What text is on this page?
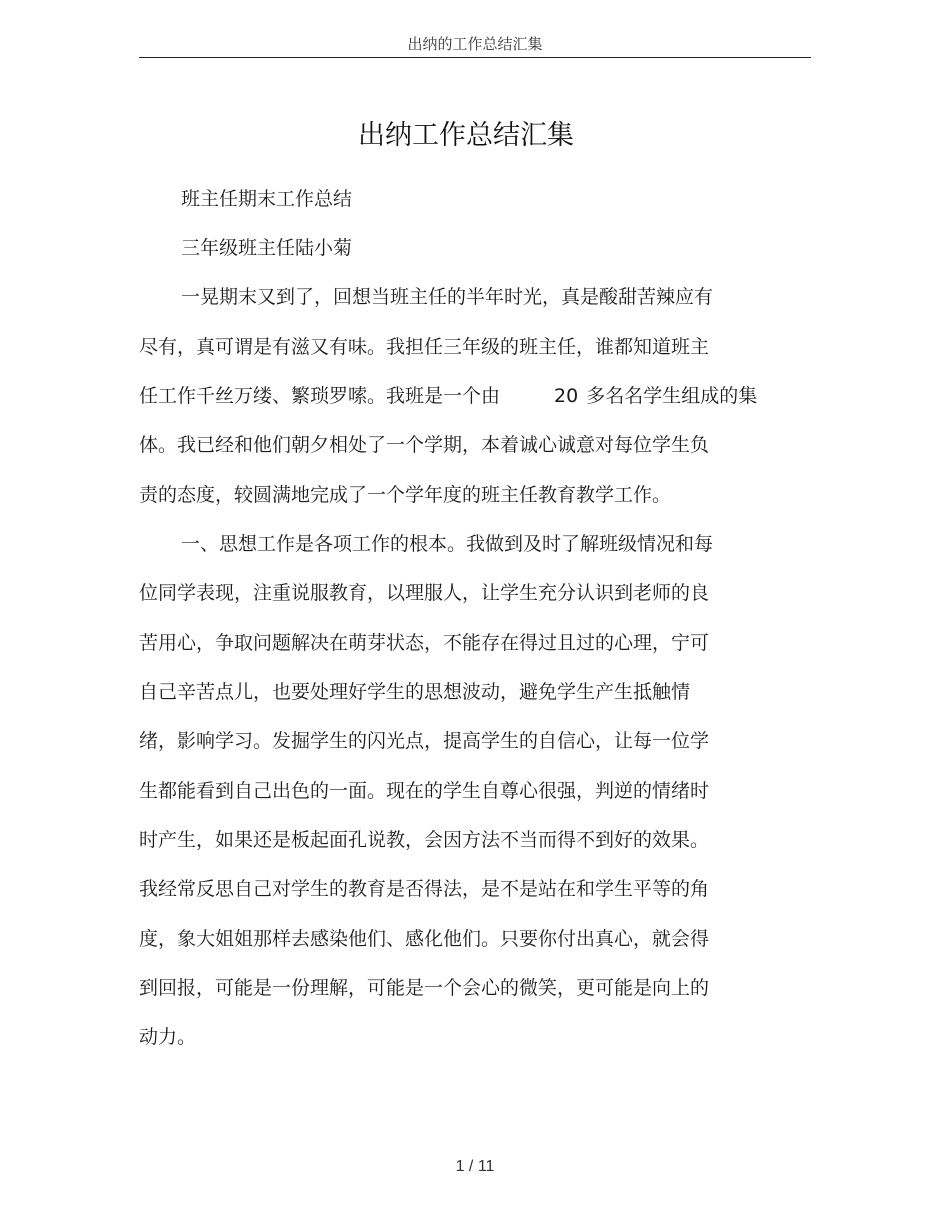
出纳的工作总结汇集
出纳工作总结汇集
班主任期末工作总结
三年级班主任陆小菊
一晃期末又到了，回想当班主任的半年时光，真是酸甜苦辣应有
尽有，真可谓是有滋又有味。我担任三年级的班主任，谁都知道班主
任工作千丝万缕、繁琐罗嗦。我班是一个由	20 多名名学生组成的集
体。我已经和他们朝夕相处了一个学期，本着诚心诚意对每位学生负
责的态度，较圆满地完成了一个学年度的班主任教育教学工作。
一、思想工作是各项工作的根本。我做到及时了解班级情况和每
位同学表现，注重说服教育，以理服人，让学生充分认识到老师的良
苦用心，争取问题解决在萌芽状态，不能存在得过且过的心理，宁可
自己辛苦点儿，也要处理好学生的思想波动，避免学生产生抵触情
绪，影响学习。发掘学生的闪光点，提高学生的自信心，让每一位学
生都能看到自己出色的一面。现在的学生自尊心很强，判逆的情绪时
时产生，如果还是板起面孔说教，会因方法不当而得不到好的效果。
我经常反思自己对学生的教育是否得法，是不是站在和学生平等的角
度，象大姐姐那样去感染他们、感化他们。只要你付出真心，就会得
到回报，可能是一份理解，可能是一个会心的微笑，更可能是向上的
动力。
1 / 11
